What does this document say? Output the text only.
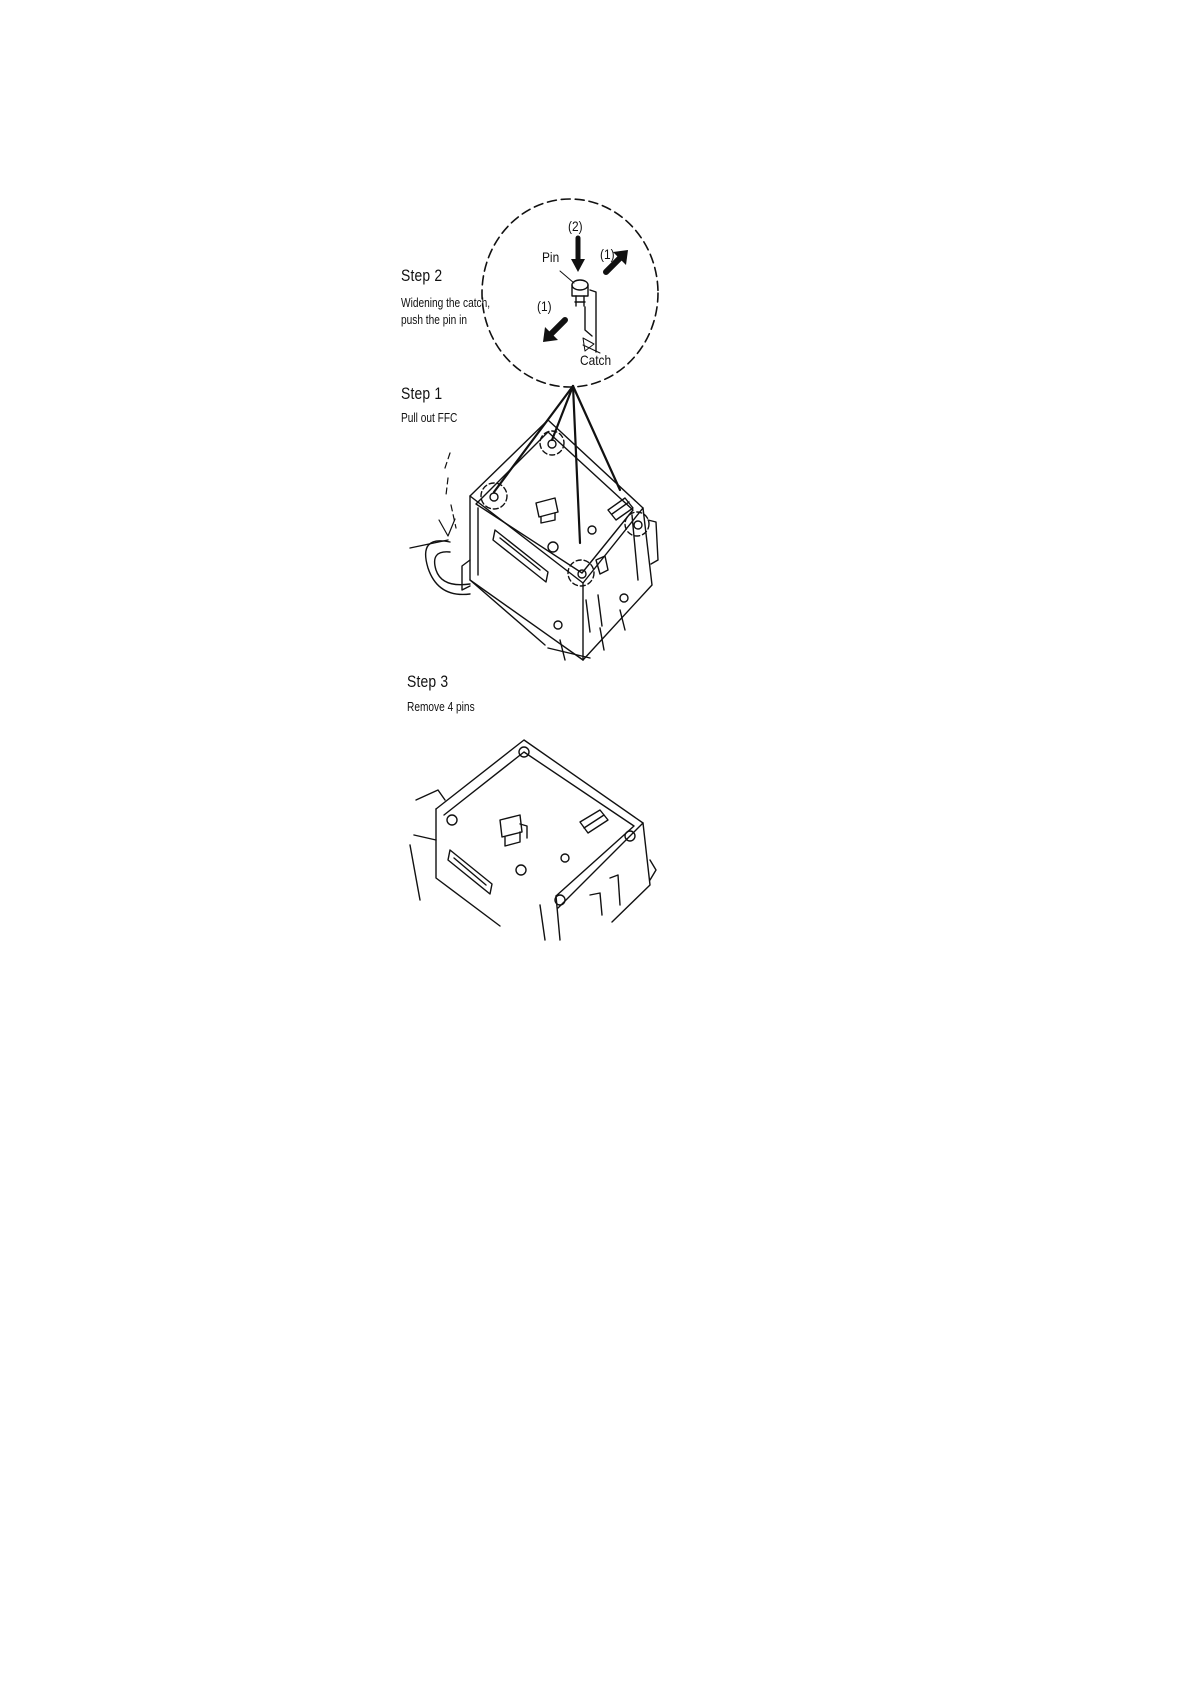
Step 2
Widening the catch,
push the pin in
Step 1
Pull out FFC
Step 3
Remove 4 pins
(2)
(1)
(1)
Pin
Catch
